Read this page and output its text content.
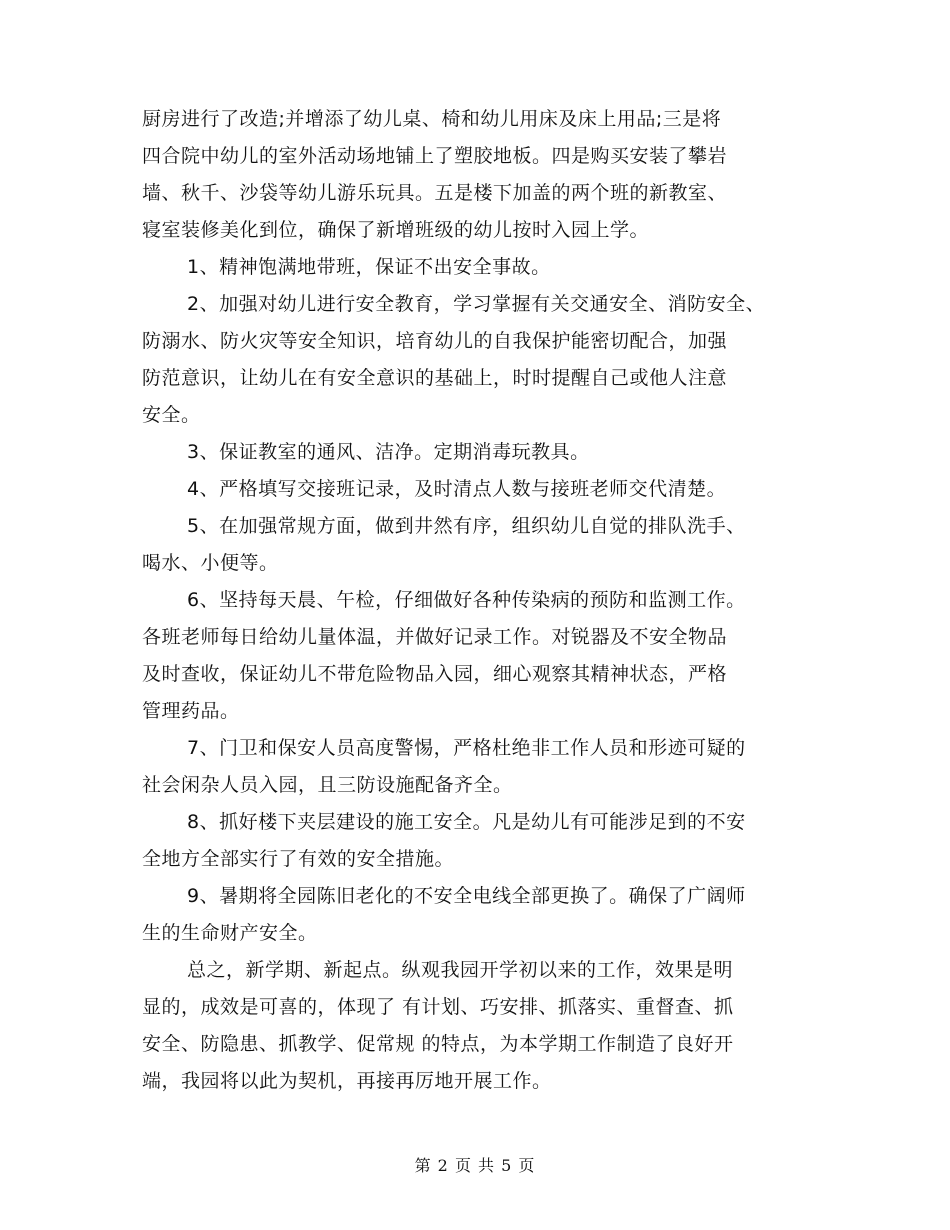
厨房进行了改造;并增添了幼儿桌、椅和幼儿用床及床上用品;三是将
四合院中幼儿的室外活动场地铺上了塑胶地板。四是购买安装了攀岩
墙、秋千、沙袋等幼儿游乐玩具。五是楼下加盖的两个班的新教室、
寝室装修美化到位，确保了新增班级的幼儿按时入园上学。
1、精神饱满地带班，保证不出安全事故。
2、加强对幼儿进行安全教育，学习掌握有关交通安全、消防安全、
防溺水、防火灾等安全知识，培育幼儿的自我保护能密切配合，加强
防范意识，让幼儿在有安全意识的基础上，时时提醒自己或他人注意
安全。
3、保证教室的通风、洁净。定期消毒玩教具。
4、严格填写交接班记录，及时清点人数与接班老师交代清楚。
5、在加强常规方面，做到井然有序，组织幼儿自觉的排队洗手、
喝水、小便等。
6、坚持每天晨、午检，仔细做好各种传染病的预防和监测工作。
各班老师每日给幼儿量体温，并做好记录工作。对锐器及不安全物品
及时查收，保证幼儿不带危险物品入园，细心观察其精神状态，严格
管理药品。
7、门卫和保安人员高度警惕，严格杜绝非工作人员和形迹可疑的
社会闲杂人员入园，且三防设施配备齐全。
8、抓好楼下夹层建设的施工安全。凡是幼儿有可能涉足到的不安
全地方全部实行了有效的安全措施。
9、暑期将全园陈旧老化的不安全电线全部更换了。确保了广阔师
生的生命财产安全。
总之，新学期、新起点。纵观我园开学初以来的工作，效果是明
显的，成效是可喜的，体现了 有计划、巧安排、抓落实、重督查、抓
安全、防隐患、抓教学、促常规 的特点，为本学期工作制造了良好开
端，我园将以此为契机，再接再厉地开展工作。
第 2 页 共 5 页
